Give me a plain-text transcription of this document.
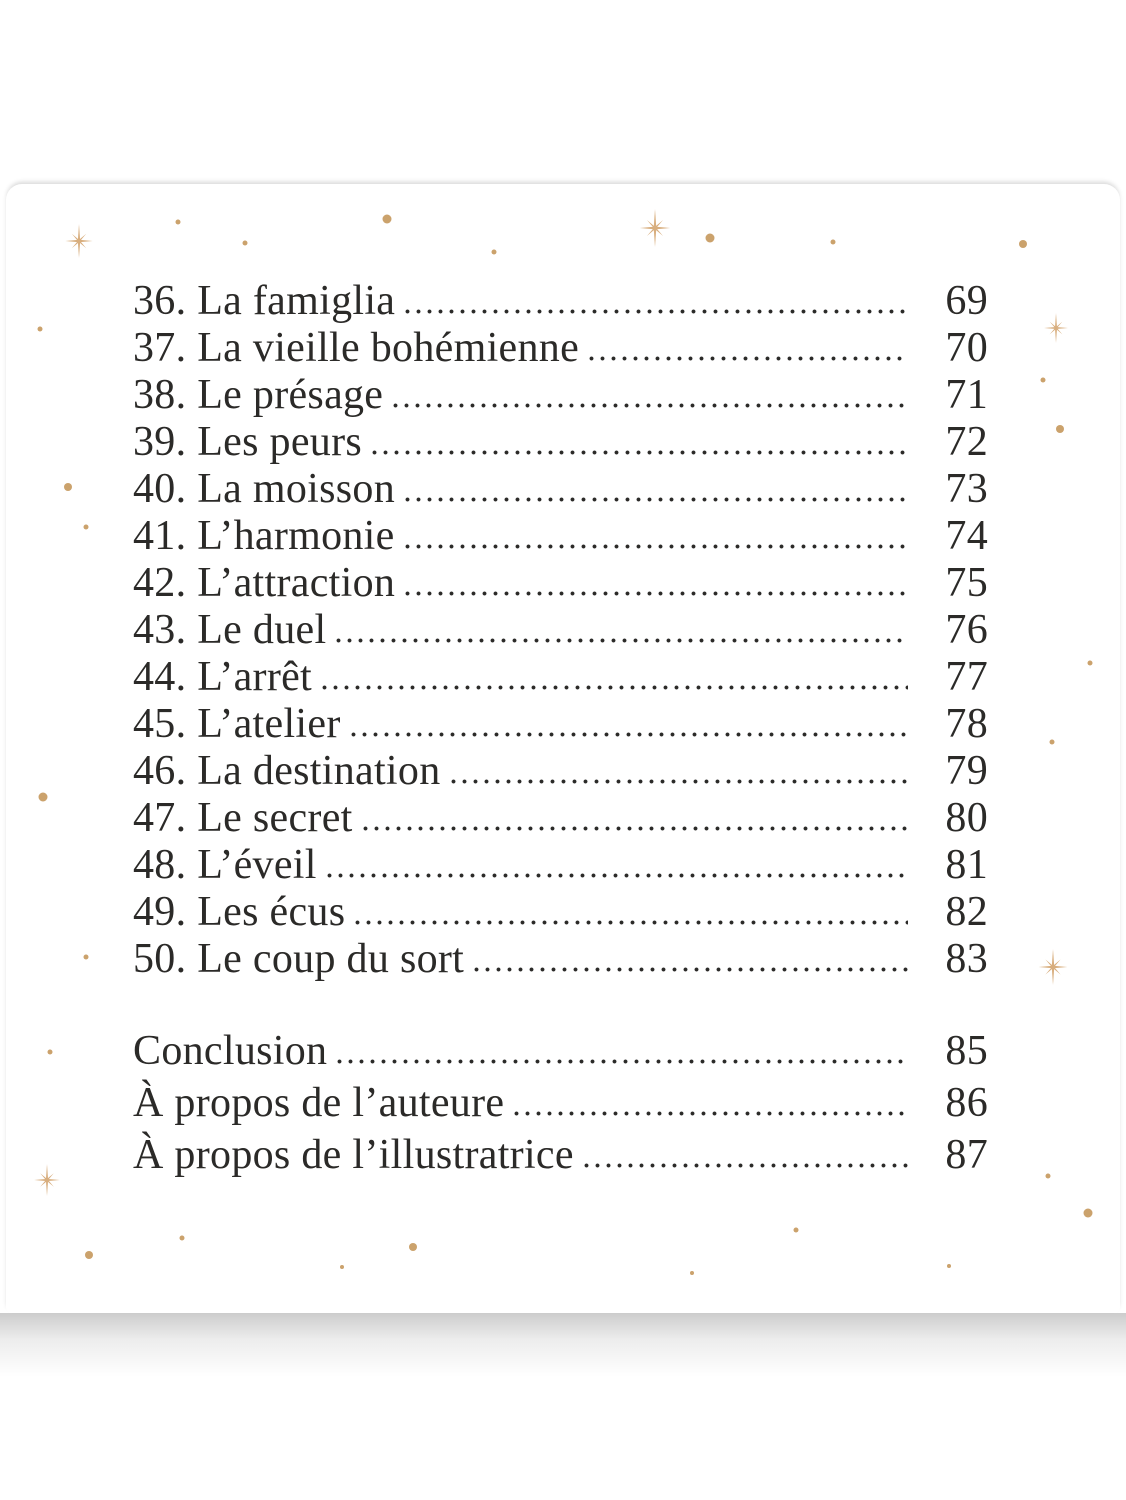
36. La famiglia	69
37. La vieille bohémienne	70
38. Le présage	71
39. Les peurs	72
40. La moisson	73
41. L’harmonie	74
42. L’attraction	75
43. Le duel	76
44. L’arrêt	77
45. L’atelier	78
46. La destination	79
47. Le secret	80
48. L’éveil	81
49. Les écus	82
50. Le coup du sort	83
Conclusion	85
À propos de l’auteure	86
À propos de l’illustratrice	87
